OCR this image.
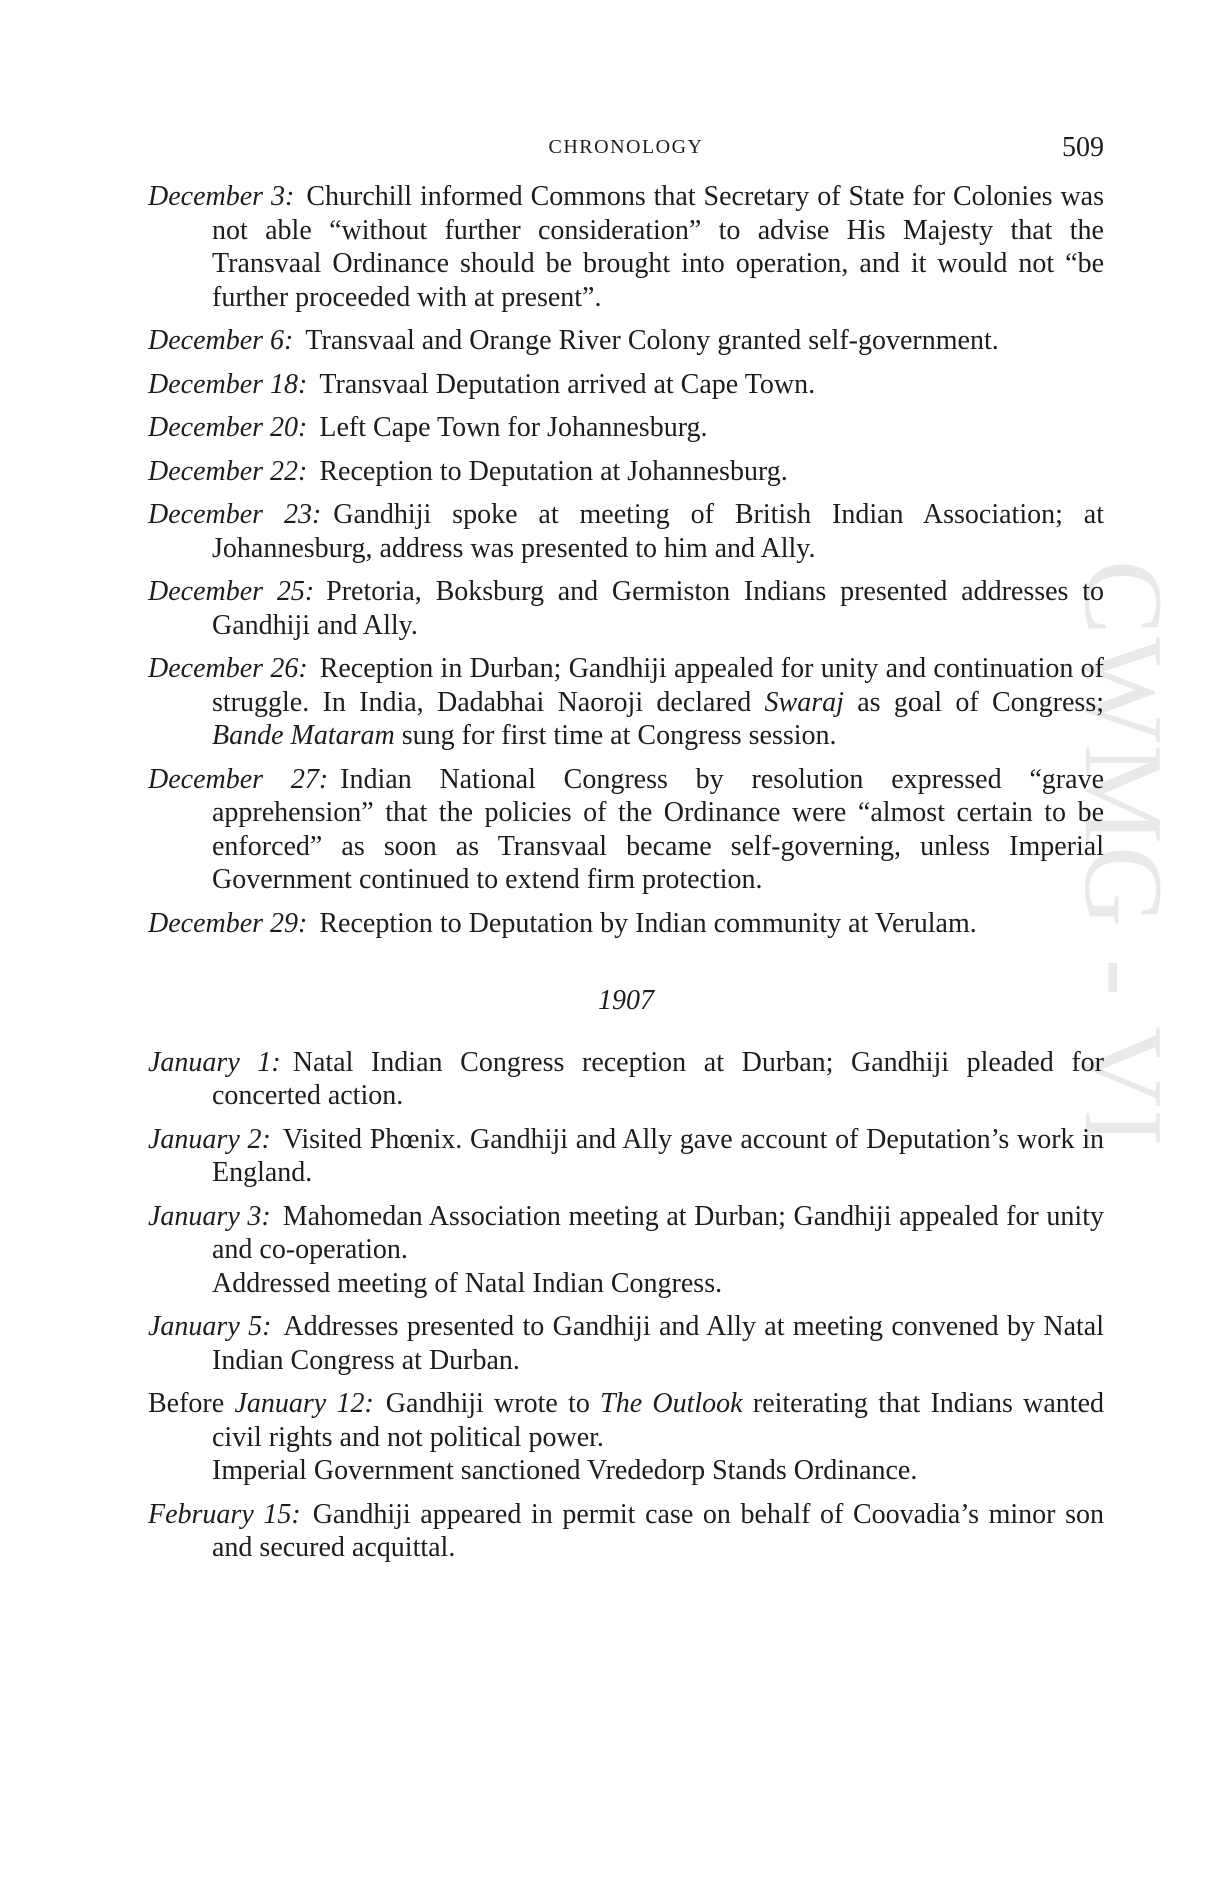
CWMG - VI
CHRONOLOGY	509

December 3: Churchill informed Commons that Secretary of State for Colonies was not able “without further consideration” to advise His Majesty that the Transvaal Ordinance should be brought into operation, and it would not “be further proceeded with at present”.

December 6: Transvaal and Orange River Colony granted self-government.

December 18: Transvaal Deputation arrived at Cape Town.

December 20: Left Cape Town for Johannesburg.

December 22: Reception to Deputation at Johannesburg.

December 23: Gandhiji spoke at meeting of British Indian Association; at Johannesburg, address was presented to him and Ally.

December 25: Pretoria, Boksburg and Germiston Indians presented addresses to Gandhiji and Ally.

December 26: Reception in Durban; Gandhiji appealed for unity and continuation of struggle. In India, Dadabhai Naoroji declared Swaraj as goal of Congress; Bande Mataram sung for first time at Congress session.

December 27: Indian National Congress by resolution expressed “grave apprehension” that the policies of the Ordinance were “almost certain to be enforced” as soon as Transvaal became self-governing, unless Imperial Government continued to extend firm protection.

December 29: Reception to Deputation by Indian community at Verulam.

1907

January 1: Natal Indian Congress reception at Durban; Gandhiji pleaded for concerted action.

January 2: Visited Phœnix. Gandhiji and Ally gave account of Deputation’s work in England.

January 3: Mahomedan Association meeting at Durban; Gandhiji appealed for unity and co-operation.
Addressed meeting of Natal Indian Congress.

January 5: Addresses presented to Gandhiji and Ally at meeting convened by Natal Indian Congress at Durban.

Before January 12: Gandhiji wrote to The Outlook reiterating that Indians wanted civil rights and not political power.
Imperial Government sanctioned Vrededorp Stands Ordinance.

February 15: Gandhiji appeared in permit case on behalf of Coovadia’s minor son and secured acquittal.
